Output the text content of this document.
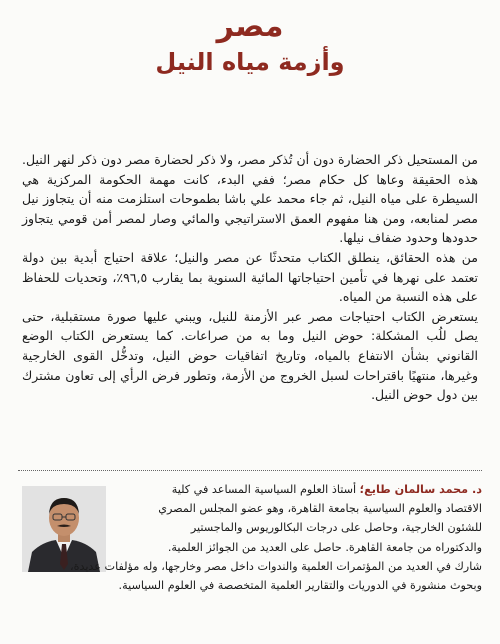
مصر
وأزمة مياه النيل

من المستحيل ذكر الحضارة دون أن تُذكر مصر، ولا ذكر لحضارة مصر دون ذكر لنهر النيل. هذه الحقيقة وعاها كل حكام مصر؛ ففي البدء، كانت مهمة الحكومة المركزية هي السيطرة على مياه النيل، ثم جاء محمد علي باشا بطموحات استلزمت منه أن يتجاوز نيل مصر لمنابعه، ومن هنا مفهوم العمق الاستراتيجي والمائي وصار لمصر أمن قومي يتجاوز حدودها وحدود ضفاف نيلها.

من هذه الحقائق، ينطلق الكتاب متحدثًا عن مصر والنيل؛ علاقة احتياج أبدية بين دولة تعتمد على نهرها في تأمين احتياجاتها المائية السنوية بما يقارب ٩٦,٥٪، وتحديات للحفاظ على هذه النسبة من المياه.

يستعرض الكتاب احتياجات مصر عبر الأزمنة للنيل، ويبني عليها صورة مستقبلية، حتى يصل للُب المشكلة: حوض النيل وما به من صراعات. كما يستعرض الكتاب الوضع القانوني بشأن الانتفاع بالمياه، وتاريخ اتفاقيات حوض النيل، وتدخُّل القوى الخارجية وغيرها، منتهيًا باقتراحات لسبل الخروج من الأزمة، وتطور فرض الرأي إلى تعاون مشترك بين دول حوض النيل.

د. محمد سالمان طايع؛ أستاذ العلوم السياسية المساعد في كلية
الاقتصاد والعلوم السياسية بجامعة القاهرة، وهو عضو المجلس المصري
للشئون الخارجية، وحاصل على درجات البكالوريوس والماجستير
والدكتوراه من جامعة القاهرة. حاصل على العديد من الجوائز العلمية.
شارك في العديد من المؤتمرات العلمية والندوات داخل مصر وخارجها، وله مؤلفات عديدة،
وبحوث منشورة في الدوريات والتقارير العلمية المتخصصة في العلوم السياسية.
